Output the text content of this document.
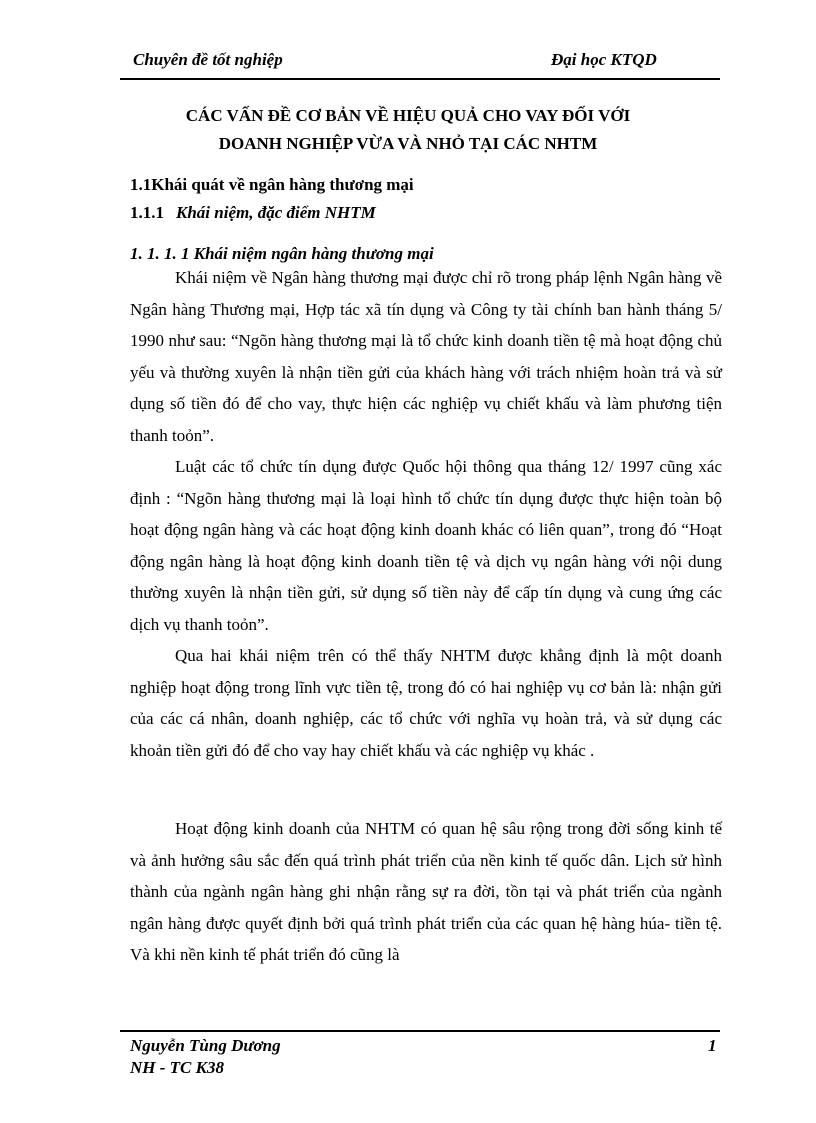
Chuyên đề tốt nghiệp	Đại học KTQD
CÁC VẤN ĐỀ CƠ BẢN VỀ HIỆU QUẢ CHO VAY ĐỐI VỚI
DOANH NGHIỆP VỪA VÀ NHỎ TẠI CÁC NHTM
1.1Khái quát về ngân hàng thương mại
1.1.1 Khái niệm, đặc điểm NHTM
1. 1. 1. 1 Khái niệm ngân hàng thương mại

Khái niệm về Ngân hàng thương mại được chỉ rõ trong pháp lệnh Ngân hàng về Ngân hàng Thương mại, Hợp tác xã tín dụng và Công ty tài chính ban hành tháng 5/ 1990 như sau: “Ngõn hàng thương mại là tổ chức kinh doanh tiền tệ mà hoạt động chủ yếu và thường xuyên là nhận tiền gửi của khách hàng với trách nhiệm hoàn trả và sử dụng số tiền đó để cho vay, thực hiện các nghiệp vụ chiết khấu và làm phương tiện thanh toỏn”.

Luật các tổ chức tín dụng được Quốc hội thông qua tháng 12/ 1997 cũng xác định : “Ngõn hàng thương mại là loại hình tổ chức tín dụng được thực hiện toàn bộ hoạt động ngân hàng và các hoạt động kinh doanh khác có liên quan”, trong đó “Hoạt động ngân hàng là hoạt động kinh doanh tiền tệ và dịch vụ ngân hàng với nội dung thường xuyên là nhận tiền gửi, sử dụng số tiền này để cấp tín dụng và cung ứng các dịch vụ thanh toỏn”.

Qua hai khái niệm trên có thể thấy NHTM được khẳng định là một doanh nghiệp hoạt động trong lĩnh vực tiền tệ, trong đó có hai nghiệp vụ cơ bản là: nhận gửi của các cá nhân, doanh nghiệp, các tổ chức với nghĩa vụ hoàn trả, và sử dụng các khoản tiền gửi đó để cho vay hay chiết khấu và các nghiệp vụ khác .

Hoạt động kinh doanh của NHTM có quan hệ sâu rộng trong đời sống kinh tế và ảnh hưởng sâu sắc đến quá trình phát triển của nền kinh tế quốc dân. Lịch sử hình thành của ngành ngân hàng ghi nhận rằng sự ra đời, tồn tại và phát triển của ngành ngân hàng được quyết định bởi quá trình phát triển của các quan hệ hàng húa- tiền tệ. Và khi nền kinh tế phát triển đó cũng là

Nguyễn Tùng Dương
NH - TC K38
1
